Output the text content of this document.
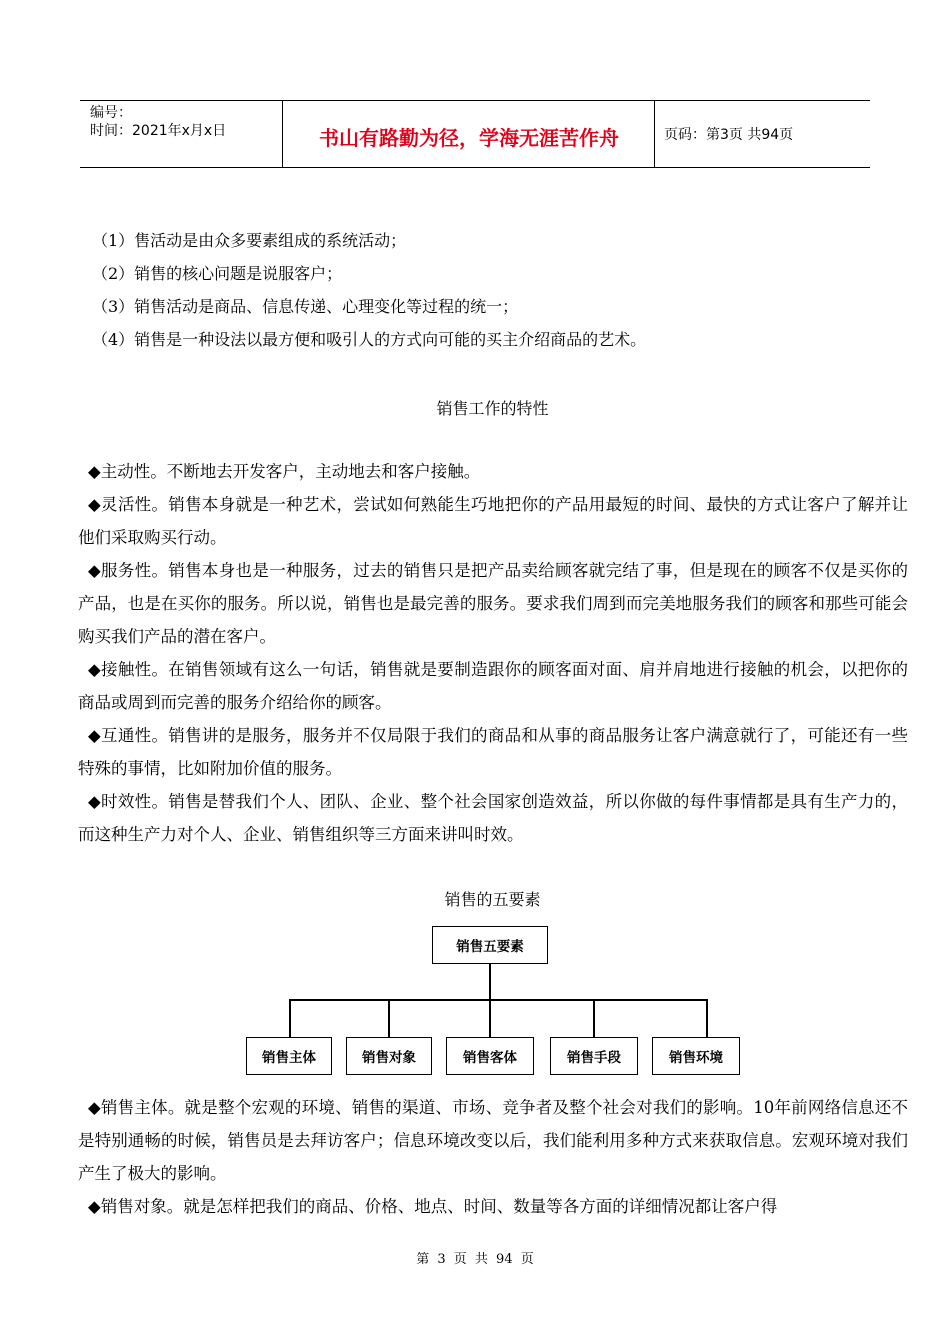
编号：
时间：2021年x月x日	书山有路勤为径，学海无涯苦作舟	页码：第3页 共94页
（1）售活动是由众多要素组成的系统活动；
（2）销售的核心问题是说服客户；
（3）销售活动是商品、信息传递、心理变化等过程的统一；
（4）销售是一种设法以最方便和吸引人的方式向可能的买主介绍商品的艺术。
销售工作的特性
◆主动性。不断地去开发客户，主动地去和客户接触。
◆灵活性。销售本身就是一种艺术，尝试如何熟能生巧地把你的产品用最短的时间、最快的方式让客户了解并让他们采取购买行动。
◆服务性。销售本身也是一种服务，过去的销售只是把产品卖给顾客就完结了事，但是现在的顾客不仅是买你的产品，也是在买你的服务。所以说，销售也是最完善的服务。要求我们周到而完美地服务我们的顾客和那些可能会购买我们产品的潜在客户。
◆接触性。在销售领域有这么一句话，销售就是要制造跟你的顾客面对面、肩并肩地进行接触的机会，以把你的商品或周到而完善的服务介绍给你的顾客。
◆互通性。销售讲的是服务，服务并不仅局限于我们的商品和从事的商品服务让客户满意就行了，可能还有一些特殊的事情，比如附加价值的服务。
◆时效性。销售是替我们个人、团队、企业、整个社会国家创造效益，所以你做的每件事情都是具有生产力的，而这种生产力对个人、企业、销售组织等三方面来讲叫时效。
销售的五要素
销售五要素
销售主体	销售对象	销售客体	销售手段	销售环境
◆销售主体。就是整个宏观的环境、销售的渠道、市场、竞争者及整个社会对我们的影响。10年前网络信息还不是特别通畅的时候，销售员是去拜访客户；信息环境改变以后，我们能利用多种方式来获取信息。宏观环境对我们产生了极大的影响。
◆销售对象。就是怎样把我们的商品、价格、地点、时间、数量等各方面的详细情况都让客户得
第 3 页 共 94 页
